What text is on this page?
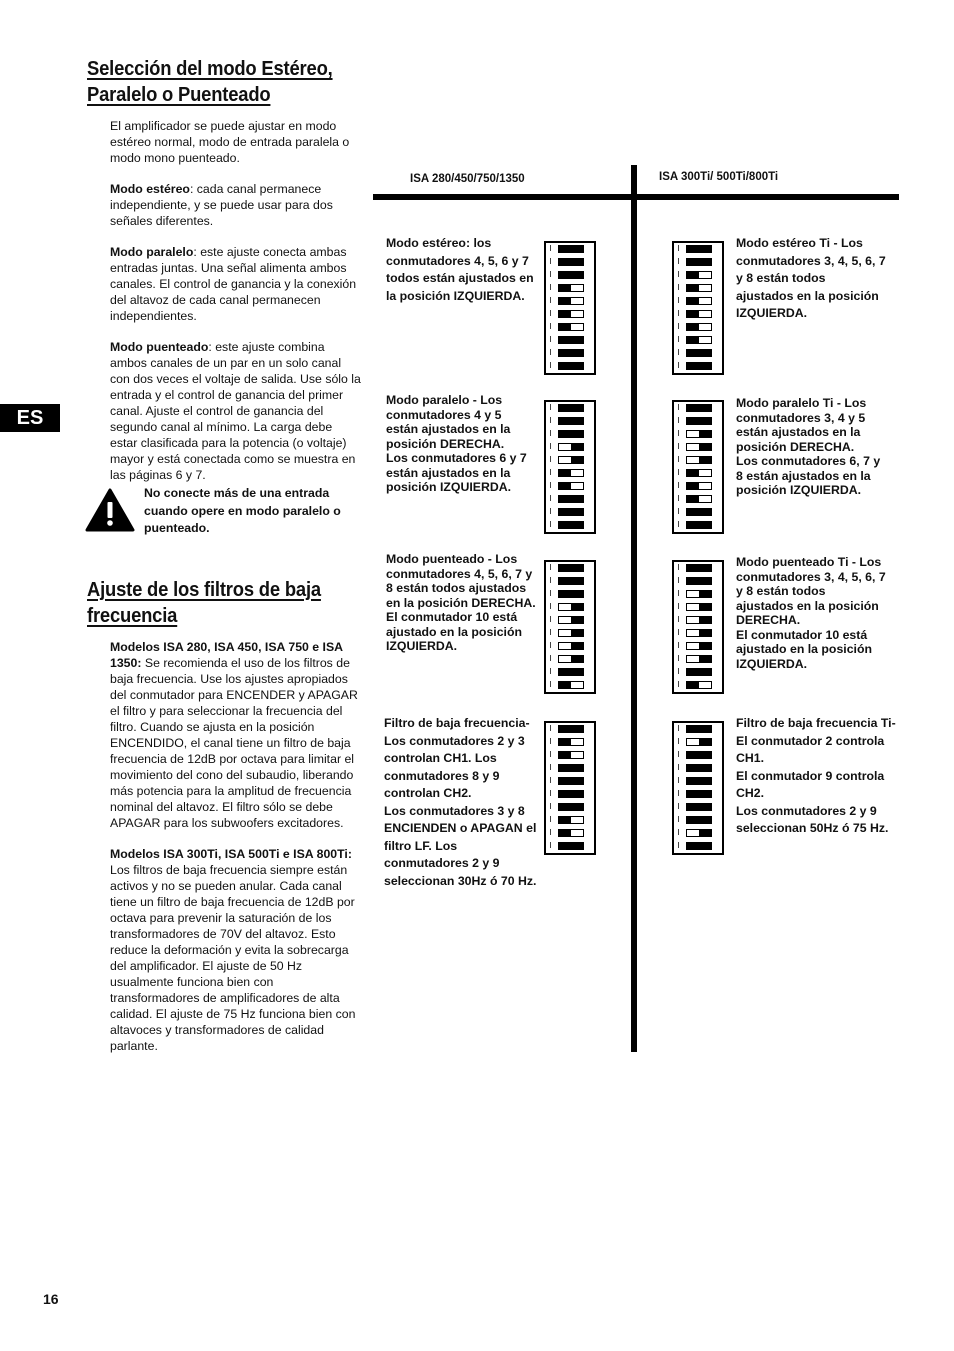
Selección del modo Estéreo,
Paralelo o Puenteado

El amplificador se puede ajustar en modo estéreo normal, modo de entrada paralela o modo mono puenteado.

Modo estéreo: cada canal permanece independiente, y se puede usar para dos señales diferentes.

Modo paralelo: este ajuste conecta ambas entradas juntas. Una señal alimenta ambos canales. El control de ganancia y la conexión del altavoz de cada canal permanecen independientes.

Modo puenteado: este ajuste combina ambos canales de un par en un solo canal con dos veces el voltaje de salida. Use sólo la entrada y el control de ganancia del primer canal. Ajuste el control de ganancia del segundo canal al mínimo. La carga debe estar clasificada para la potencia (o voltaje) mayor y está conectada como se muestra en las páginas 6 y 7.

ES
No conecte más de una entrada cuando opere en modo paralelo o puenteado.
Ajuste de los filtros de baja
frecuencia

Modelos ISA 280, ISA 450, ISA 750 e ISA 1350: Se recomienda el uso de los filtros de baja frecuencia. Use los ajustes apropiados del conmutador para ENCENDER y APAGAR el filtro y para seleccionar la frecuencia del filtro. Cuando se ajusta en la posición ENCENDIDO, el canal tiene un filtro de baja frecuencia de 12dB por octava para limitar el movimiento del cono del subaudio, liberando más potencia para la amplitud de frecuencia nominal del altavoz. El filtro sólo se debe APAGAR para los subwoofers excitadores.

Modelos ISA 300Ti, ISA 500Ti e ISA 800Ti:
Los filtros de baja frecuencia siempre están activos y no se pueden anular. Cada canal tiene un filtro de baja frecuencia de 12dB por octava para prevenir la saturación de los transformadores de 70V del altavoz. Esto reduce la deformación y evita la sobrecarga del amplificador. El ajuste de 50 Hz usualmente funciona bien con transformadores de amplificadores de alta calidad. El ajuste de 75 Hz funciona bien con altavoces y transformadores de calidad parlante.

ISA 280/450/750/1350	ISA 300Ti/ 500Ti/800Ti
Modo estéreo: los conmutadores 4, 5, 6 y 7 todos están ajustados en la posición IZQUIERDA.
Modo paralelo - Los conmutadores 4 y 5 están ajustados en la posición DERECHA.
Los conmutadores 6 y 7 están ajustados en la posición IZQUIERDA.
Modo puenteado - Los conmutadores 4, 5, 6, 7 y 8 están todos ajustados en la posición DERECHA.
El conmutador 10 está ajustado en la posición IZQUIERDA.
Filtro de baja frecuencia- Los conmutadores 2 y 3 controlan CH1. Los conmutadores 8 y 9 controlan CH2.
Los conmutadores 3 y 8 ENCIENDEN o APAGAN el filtro LF. Los conmutadores 2 y 9 seleccionan 30Hz ó 70 Hz.
Modo estéreo Ti - Los conmutadores 3, 4, 5, 6, 7 y 8 están todos ajustados en la posición IZQUIERDA.
Modo paralelo Ti - Los conmutadores 3, 4 y 5 están ajustados en la posición DERECHA.
Los conmutadores 6, 7 y 8 están ajustados en la posición IZQUIERDA.
Modo puenteado Ti - Los conmutadores 3, 4, 5, 6, 7 y 8 están todos ajustados en la posición DERECHA.
El conmutador 10 está ajustado en la posición IZQUIERDA.
Filtro de baja frecuencia Ti- El conmutador 2 controla CH1.
El conmutador 9 controla CH2.
Los conmutadores 2 y 9 seleccionan 50Hz ó 75 Hz.
16
